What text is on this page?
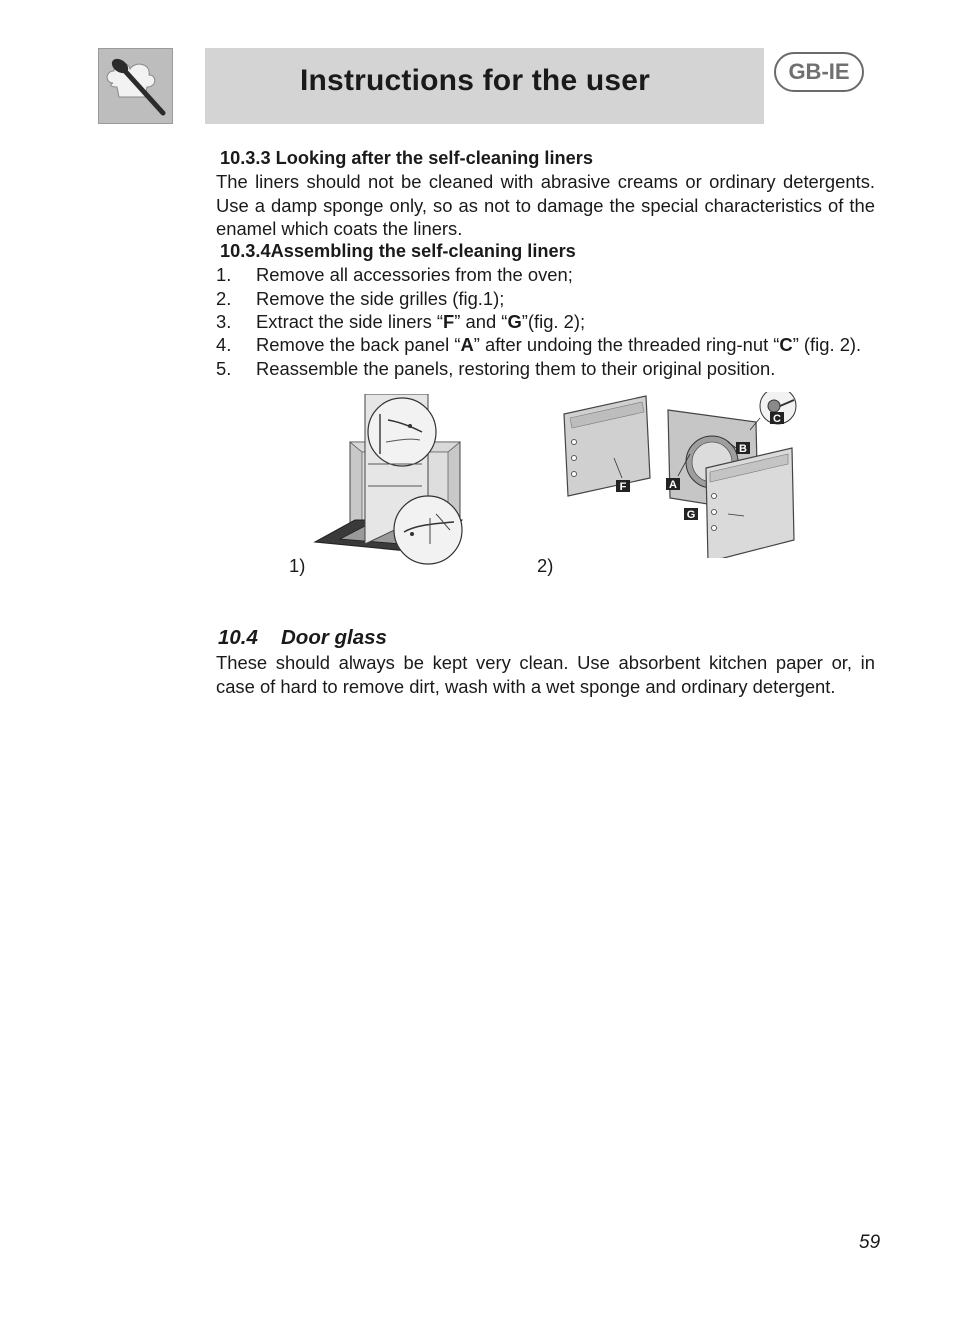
Instructions for the user	GB-IE
10.3.3 Looking after the self-cleaning liners

The liners should not be cleaned with abrasive creams or ordinary detergents. Use a damp sponge only, so as not to damage the special characteristics of the enamel which coats the liners.

10.3.4Assembling the self-cleaning liners
1. Remove all accessories from the oven;
2. Remove the side grilles (fig.1);
3. Extract the side liners “F” and “G”(fig. 2);
4. Remove the back panel “A” after undoing the threaded ring-nut “C” (fig. 2).
5. Reassemble the panels, restoring them to their original position.
1)
C
B
F	A
G
2)
10.4 Door glass

These should always be kept very clean. Use absorbent kitchen paper or, in case of hard to remove dirt, wash with a wet sponge and ordinary detergent.

59
